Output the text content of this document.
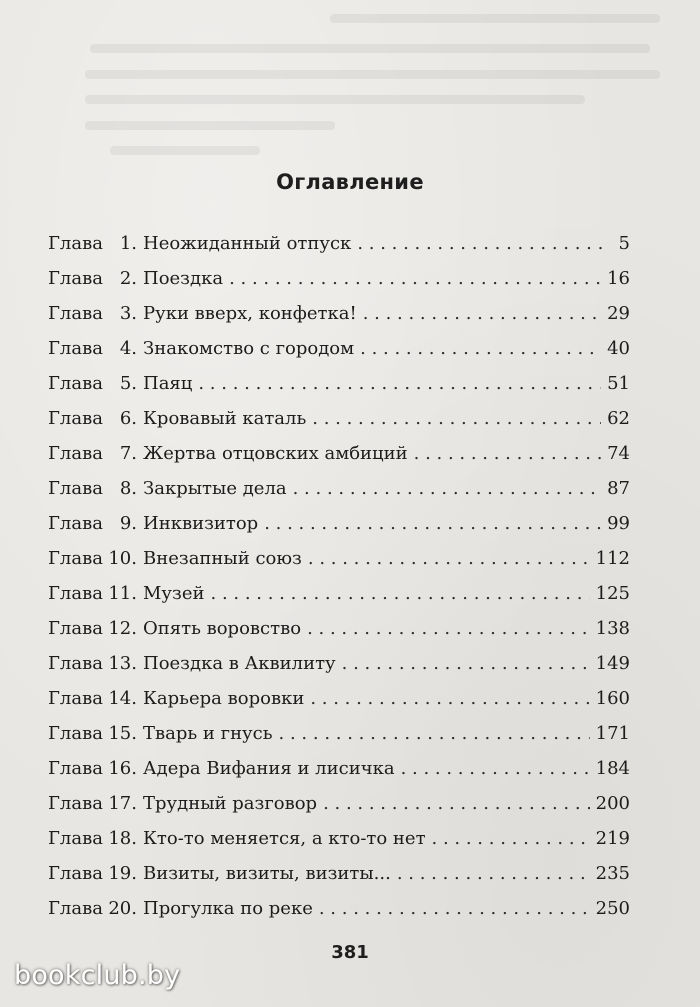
Оглавление
Глава 1. Неожиданный отпуск . . .	5
Глава 2. Поездка . . .	16
Глава 3. Руки вверх, конфетка! . . .	29
Глава 4. Знакомство с городом . . .	40
Глава 5. Паяц . . .	51
Глава 6. Кровавый каталь . . .	62
Глава 7. Жертва отцовских амбиций . . .	74
Глава 8. Закрытые дела . . .	87
Глава 9. Инквизитор . . .	99
Глава 10. Внезапный союз . . .	112
Глава 11. Музей . . .	125
Глава 12. Опять воровство . . .	138
Глава 13. Поездка в Аквилиту . . .	149
Глава 14. Карьера воровки . . .	160
Глава 15. Тварь и гнусь . . .	171
Глава 16. Адера Вифания и лисичка . . .	184
Глава 17. Трудный разговор . . .	200
Глава 18. Кто-то меняется, а кто-то нет . . .	219
Глава 19. Визиты, визиты, визиты... . . .	235
Глава 20. Прогулка по реке . . .	250
381
bookclub.by
